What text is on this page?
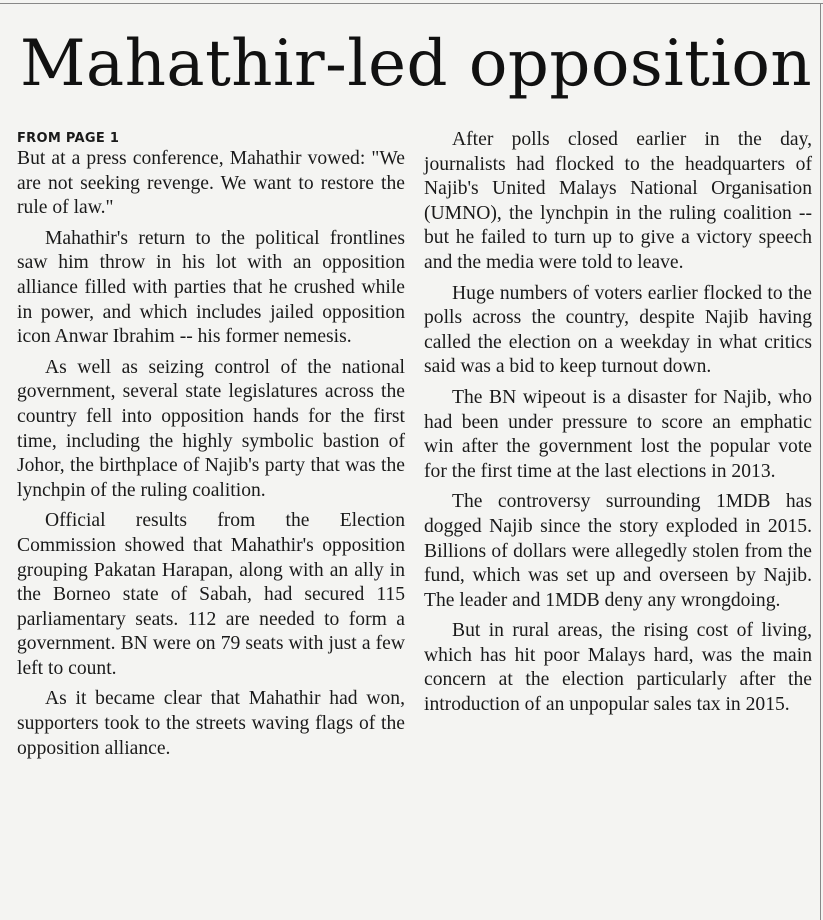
Mahathir-led opposition
FROM PAGE 1

But at a press conference, Mahathir vowed: "We are not seeking revenge. We want to restore the rule of law."

Mahathir's return to the political frontlines saw him throw in his lot with an opposition alliance filled with parties that he crushed while in power, and which includes jailed opposition icon Anwar Ibrahim -- his former nemesis.

As well as seizing control of the national government, several state legislatures across the country fell into opposition hands for the first time, including the highly symbolic bastion of Johor, the birthplace of Najib's party that was the lynchpin of the ruling coalition.

Official results from the Election Commission showed that Mahathir's opposition grouping Pakatan Harapan, along with an ally in the Borneo state of Sabah, had secured 115 parliamentary seats. 112 are needed to form a government. BN were on 79 seats with just a few left to count.

As it became clear that Mahathir had won, supporters took to the streets waving flags of the opposition alliance.

After polls closed earlier in the day, journalists had flocked to the headquarters of Najib's United Malays National Organisation (UMNO), the lynchpin in the ruling coalition -- but he failed to turn up to give a victory speech and the media were told to leave.

Huge numbers of voters earlier flocked to the polls across the country, despite Najib having called the election on a weekday in what critics said was a bid to keep turnout down.

The BN wipeout is a disaster for Najib, who had been under pressure to score an emphatic win after the government lost the popular vote for the first time at the last elections in 2013.

The controversy surrounding 1MDB has dogged Najib since the story exploded in 2015. Billions of dollars were allegedly stolen from the fund, which was set up and overseen by Najib. The leader and 1MDB deny any wrongdoing.

But in rural areas, the rising cost of living, which has hit poor Malays hard, was the main concern at the election particularly after the introduction of an unpopular sales tax in 2015.
